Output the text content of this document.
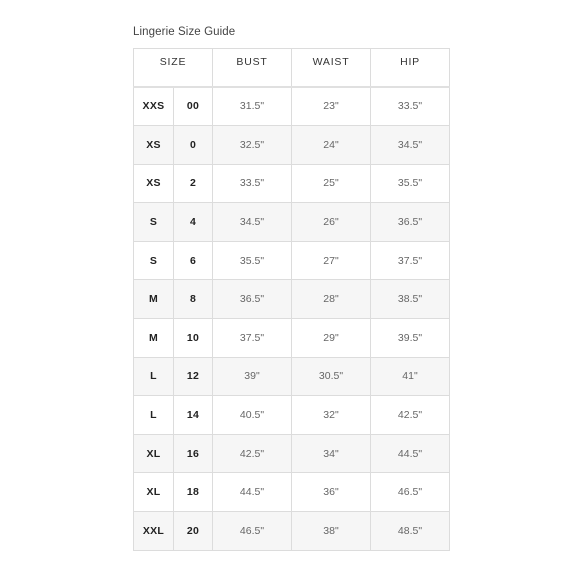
Lingerie Size Guide
SIZE		BUST	WAIST	HIP
XXS	00	31.5"	23"	33.5"
XS	0	32.5"	24"	34.5"
XS	2	33.5"	25"	35.5"
S	4	34.5"	26"	36.5"
S	6	35.5"	27"	37.5"
M	8	36.5"	28"	38.5"
M	10	37.5"	29"	39.5"
L	12	39"	30.5"	41"
L	14	40.5"	32"	42.5"
XL	16	42.5"	34"	44.5"
XL	18	44.5"	36"	46.5"
XXL	20	46.5"	38"	48.5"
